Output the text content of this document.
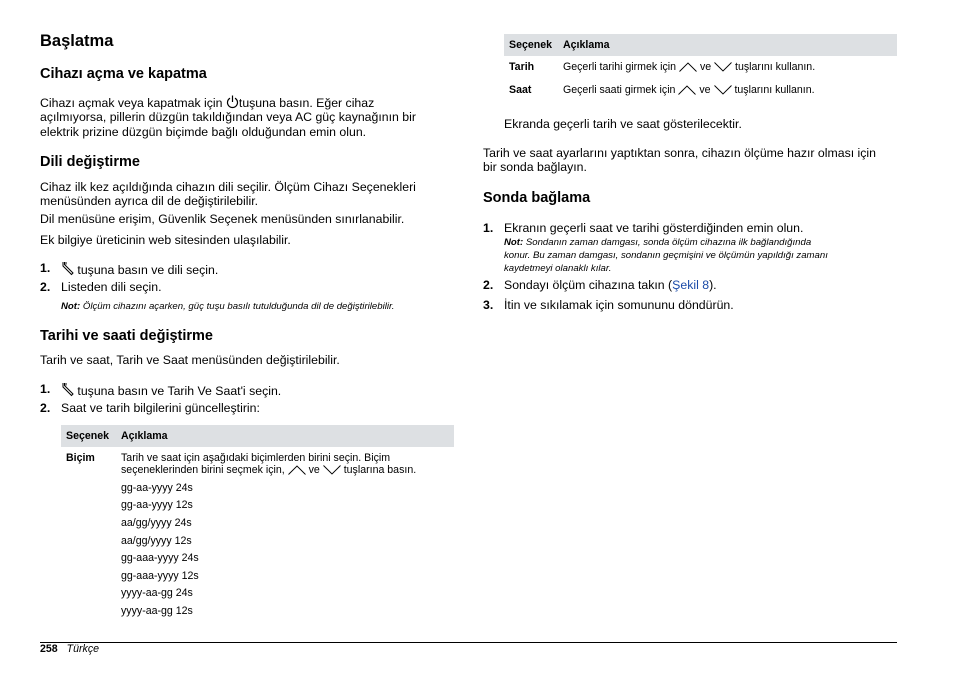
Başlatma
Cihazı açma ve kapatma

Cihazı açmak veya kapatmak için tuşuna basın. Eğer cihaz

açılmıyorsa, pillerin düzgün takıldığından veya AC güç kaynağının bir

elektrik prizine düzgün biçimde bağlı olduğundan emin olun.

Dili değiştirme

Cihaz ilk kez açıldığında cihazın dili seçilir. Ölçüm Cihazı Seçenekleri

menüsünden ayrıca dil de değiştirilebilir.

Dil menüsüne erişim, Güvenlik Seçenek menüsünden sınırlanabilir.

Ek bilgiye üreticinin web sitesinden ulaşılabilir.

1.	tuşuna basın ve dili seçin.
2. Listeden dili seçin.

Not: Ölçüm cihazını açarken, güç tuşu basılı tutulduğunda dil de değiştirilebilir.

Tarihi ve saati değiştirme

Tarih ve saat, Tarih ve Saat menüsünden değiştirilebilir.

1.	tuşuna basın ve Tarih Ve Saat'i seçin.
2. Saat ve tarih bilgilerini güncelleştirin:
Seçenek Açıklama
Biçim Tarih ve saat için aşağıdaki biçimlerden birini seçin. Biçim
seçeneklerinden birini seçmek için, ve tuşlarına basın.
gg-aa-yyyy 24s
gg-aa-yyyy 12s
aa/gg/yyyy 24s
aa/gg/yyyy 12s
gg-aaa-yyyy 24s
gg-aaa-yyyy 12s
yyyy-aa-gg 24s
yyyy-aa-gg 12s
Seçenek Açıklama
Tarih	Geçerli tarihi girmek için ve tuşlarını kullanın.
Saat	Geçerli saati girmek için ve tuşlarını kullanın.

Ekranda geçerli tarih ve saat gösterilecektir.

Tarih ve saat ayarlarını yaptıktan sonra, cihazın ölçüme hazır olması için

bir sonda bağlayın.

Sonda bağlama
1. Ekranın geçerli saat ve tarihi gösterdiğinden emin olun.

Not: Sondanın zaman damgası, sonda ölçüm cihazına ilk bağlandığında

konur. Bu zaman damgası, sondanın geçmişini ve ölçümün yapıldığı zamanı

kaydetmeyi olanaklı kılar.

2. Sondayı ölçüm cihazına takın (Şekil 8).
3. İtin ve sıkılamak için somununu döndürün.
258 Türkçe
